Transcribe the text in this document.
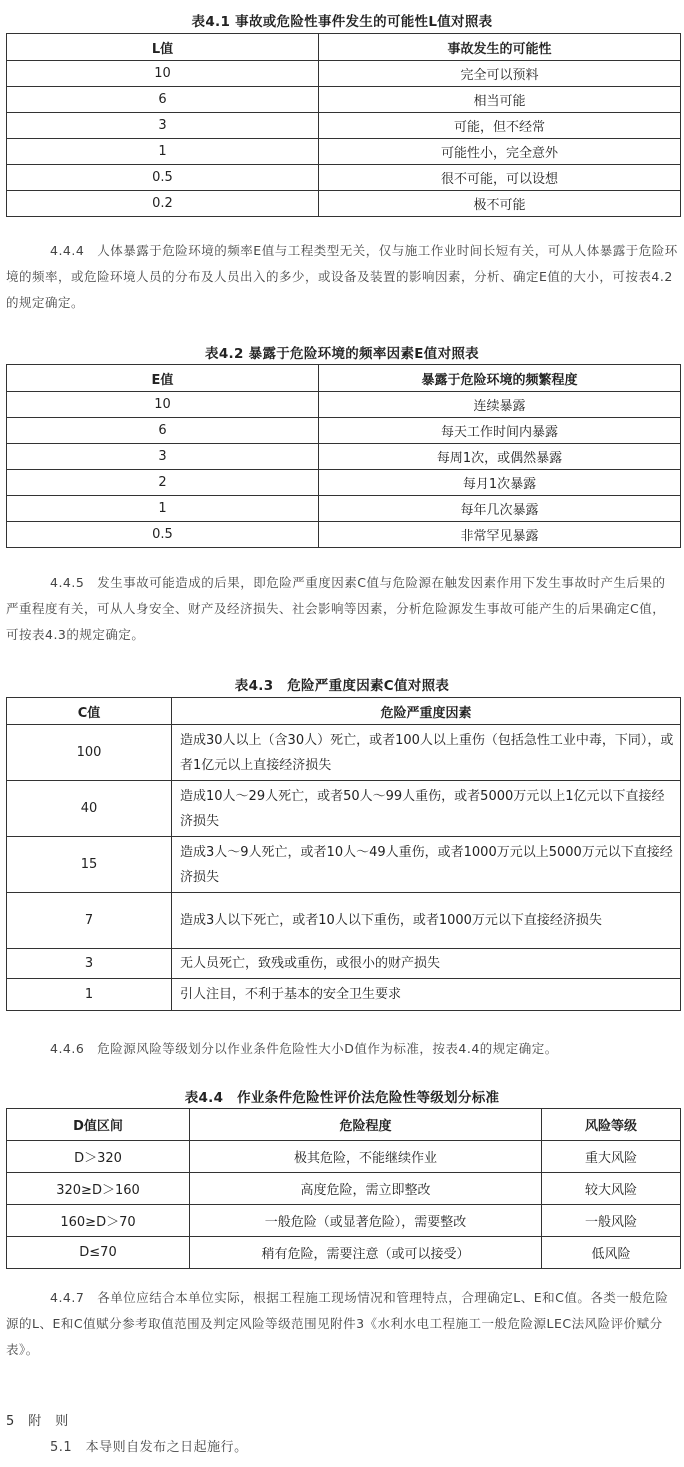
表4.1 事故或危险性事件发生的可能性L值对照表
L值	事故发生的可能性
10	完全可以预料
6	相当可能
3	可能，但不经常
1	可能性小，完全意外
0.5	很不可能，可以设想
0.2	极不可能
4.4.4　人体暴露于危险环境的频率E值与工程类型无关，仅与施工作业时间长短有关，可从人体暴露于危险环境的频率，或危险环境人员的分布及人员出入的多少，或设备及装置的影响因素，分析、确定E值的大小，可按表4.2的规定确定。
表4.2 暴露于危险环境的频率因素E值对照表
E值	暴露于危险环境的频繁程度
10	连续暴露
6	每天工作时间内暴露
3	每周1次，或偶然暴露
2	每月1次暴露
1	每年几次暴露
0.5	非常罕见暴露
4.4.5　发生事故可能造成的后果，即危险严重度因素C值与危险源在触发因素作用下发生事故时产生后果的严重程度有关，可从人身安全、财产及经济损失、社会影响等因素，分析危险源发生事故可能产生的后果确定C值，可按表4.3的规定确定。
表4.3　危险严重度因素C值对照表
C值	危险严重度因素
100	造成30人以上（含30人）死亡，或者100人以上重伤（包括急性工业中毒，下同），或者1亿元以上直接经济损失
40	造成10人～29人死亡，或者50人～99人重伤，或者5000万元以上1亿元以下直接经济损失
15	造成3人～9人死亡，或者10人～49人重伤，或者1000万元以上5000万元以下直接经济损失
7	造成3人以下死亡，或者10人以下重伤，或者1000万元以下直接经济损失
3	无人员死亡，致残或重伤，或很小的财产损失
1	引人注目，不利于基本的安全卫生要求
4.4.6　危险源风险等级划分以作业条件危险性大小D值作为标准，按表4.4的规定确定。
表4.4　作业条件危险性评价法危险性等级划分标准
D值区间	危险程度	风险等级
D＞320	极其危险，不能继续作业	重大风险
320≥D＞160	高度危险，需立即整改	较大风险
160≥D＞70	一般危险（或显著危险），需要整改	一般风险
D≤70	稍有危险，需要注意（或可以接受）	低风险
4.4.7　各单位应结合本单位实际，根据工程施工现场情况和管理特点，合理确定L、E和C值。各类一般危险源的L、E和C值赋分参考取值范围及判定风险等级范围见附件3《水利水电工程施工一般危险源LEC法风险评价赋分表》。
5　附　则
5.1　本导则自发布之日起施行。
